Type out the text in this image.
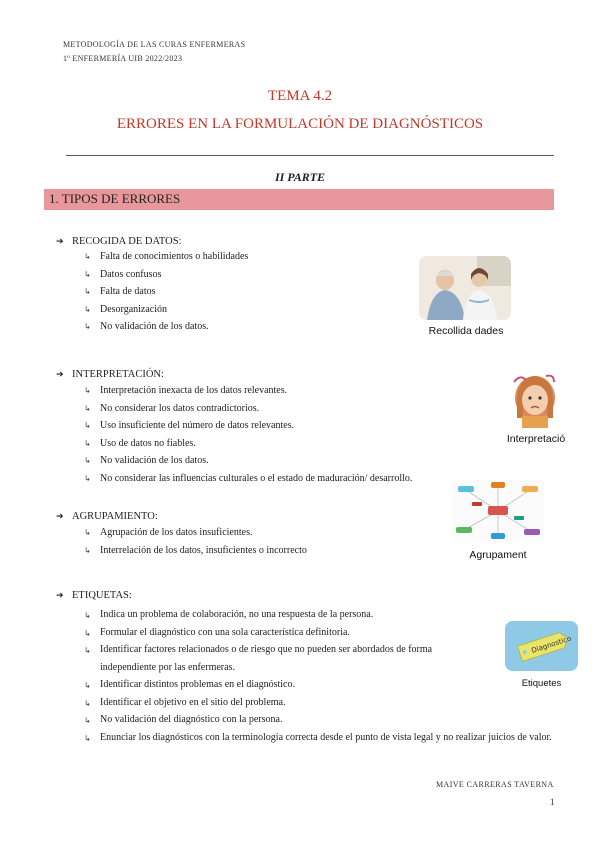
METODOLOGÍA DE LAS CURAS ENFERMERAS
1º ENFERMERÍA UIB 2022/2023
TEMA 4.2
ERRORES EN LA FORMULACIÓN DE DIAGNÓSTICOS
II PARTE
1. TIPOS DE ERRORES
➔ RECOGIDA DE DATOS:
↳ Falta de conocimientos o habilidades
↳ Datos confusos
↳ Falta de datos
↳ Desorganización
↳ No validación de los datos.	Recollida dades
➔ INTERPRETACIÓN:
↳ Interpretación inexacta de los datos relevantes.
↳ No considerar los datos contradictorios.
↳ Uso insuficiente del número de datos relevantes.
↳ Uso de datos no fiables.
↳ No validación de los datos.
↳ No considerar las influencias culturales o el estado de maduración/ desarrollo.
Interpretació
➔ AGRUPAMIENTO:
↳ Agrupación de los datos insuficientes.
↳ Interrelación de los datos, insuficientes o incorrecto	Agrupament
➔ ETIQUETAS:
↳ Indica un problema de colaboración, no una respuesta de la persona.
↳ Formular el diagnóstico con una sola característica definitoria.
↳ Identificar factores relacionados o de riesgo que no pueden ser abordados de forma independiente por las enfermeras.
↳ Identificar distintos problemas en el diagnóstico.
↳ Identificar el objetivo en el sitio del problema.
↳ No validación del diagnóstico con la persona.
↳ Enunciar los diagnósticos con la terminología correcta desde el punto de vista legal y no realizar juicios de valor.
Diagnostico
Etiquetes
MAIVE CARRERAS TAVERNA
1
